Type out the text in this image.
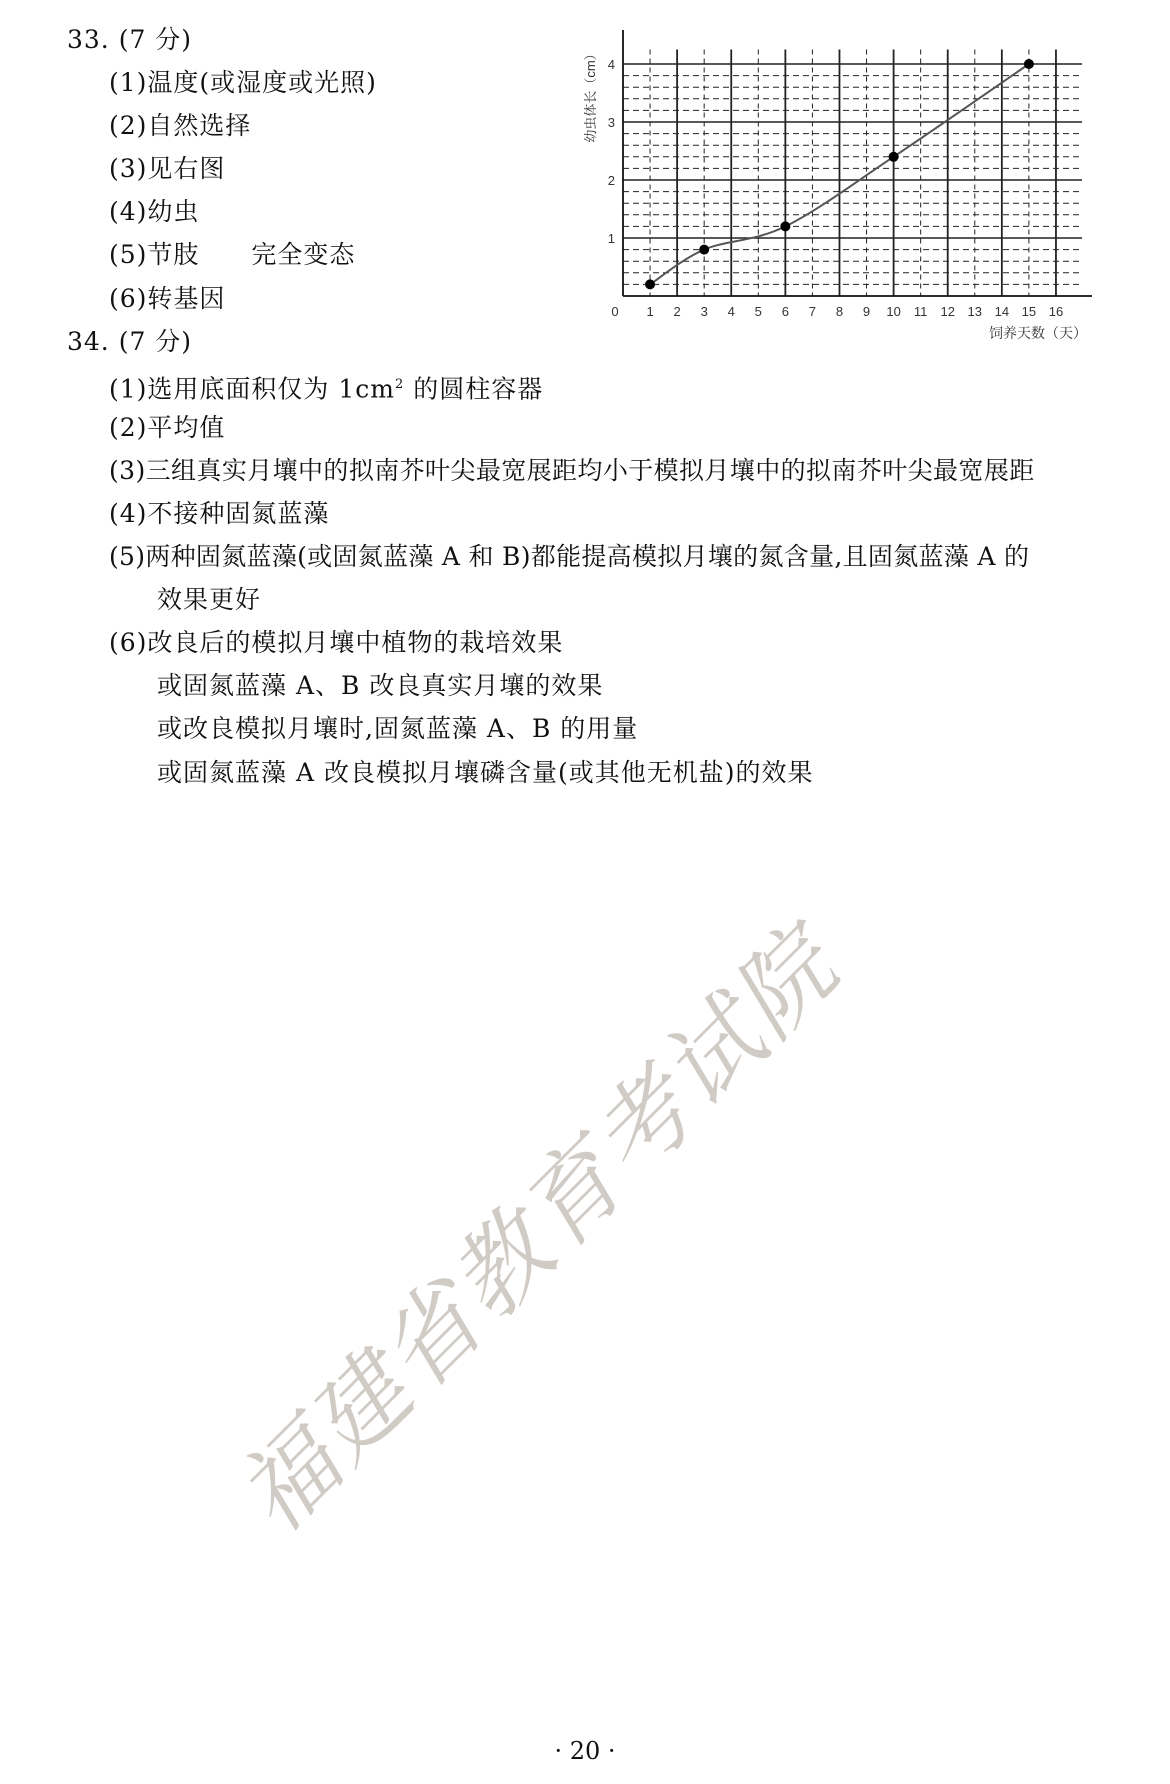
33. (7 分)
(1)温度(或湿度或光照)
(2)自然选择
(3)见右图
(4)幼虫
(5)节肢　　完全变态
(6)转基因
34. (7 分)
(1)选用底面积仅为 $1cm^2$ 的圆柱容器
(2)平均值
(3)三组真实月壤中的拟南芥叶尖最宽展距均小于模拟月壤中的拟南芥叶尖最宽展距
(4)不接种固氮蓝藻
(5)两种固氮蓝藻(或固氮蓝藻 A 和 B)都能提高模拟月壤的氮含量,且固氮蓝藻 A 的
效果更好
(6)改良后的模拟月壤中植物的栽培效果
或固氮蓝藻 A、B 改良真实月壤的效果
或改良模拟月壤时,固氮蓝藻 A、B 的用量
或固氮蓝藻 A 改良模拟月壤磷含量(或其他无机盐)的效果
0 1 2 3 4 5 6 7 8 9 10 11 12 13 14 15 16
1
2
3
4
饲养天数（天）
幼虫体长（cm）
福建省教育考试院
· 20 ·
